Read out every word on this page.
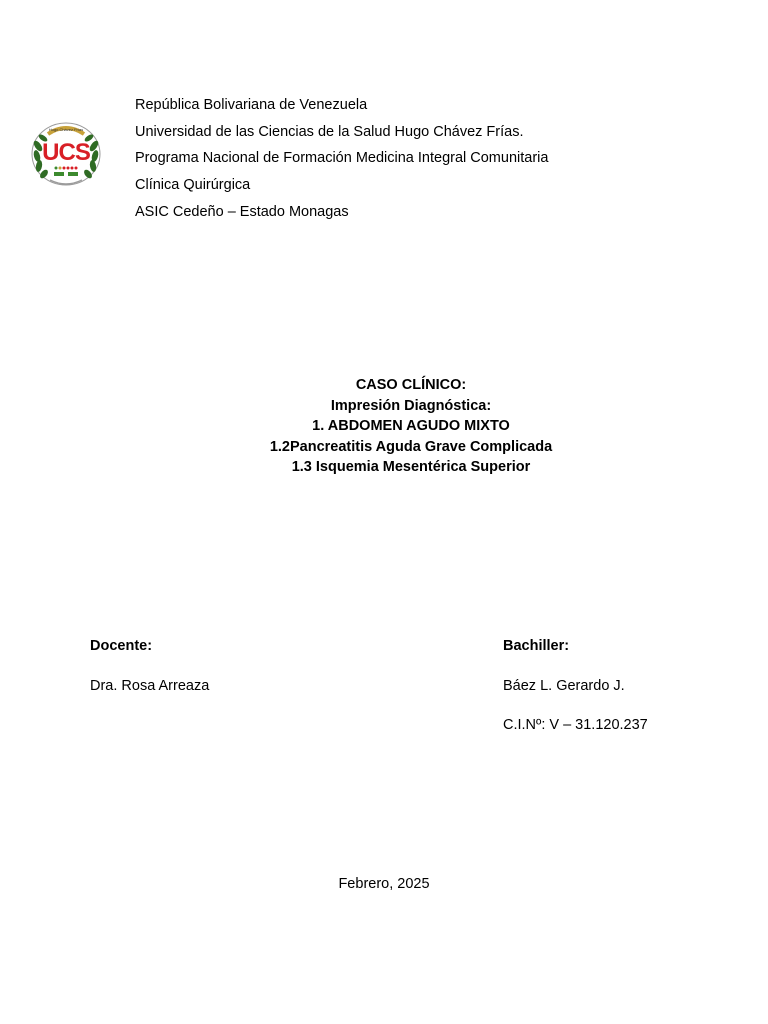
Hugo Chávez Frías
UCS
República Bolivariana de Venezuela
Universidad de las Ciencias de la Salud Hugo Chávez Frías.
Programa Nacional de Formación Medicina Integral Comunitaria
Clínica Quirúrgica
ASIC Cedeño – Estado Monagas
CASO CLÍNICO:
Impresión Diagnóstica:
1. ABDOMEN AGUDO MIXTO
1.2Pancreatitis Aguda Grave Complicada
1.3 Isquemia Mesentérica Superior
Docente:
Dra. Rosa Arreaza
Bachiller:
Báez L. Gerardo J.
C.I.Nº: V – 31.120.237
Febrero, 2025
